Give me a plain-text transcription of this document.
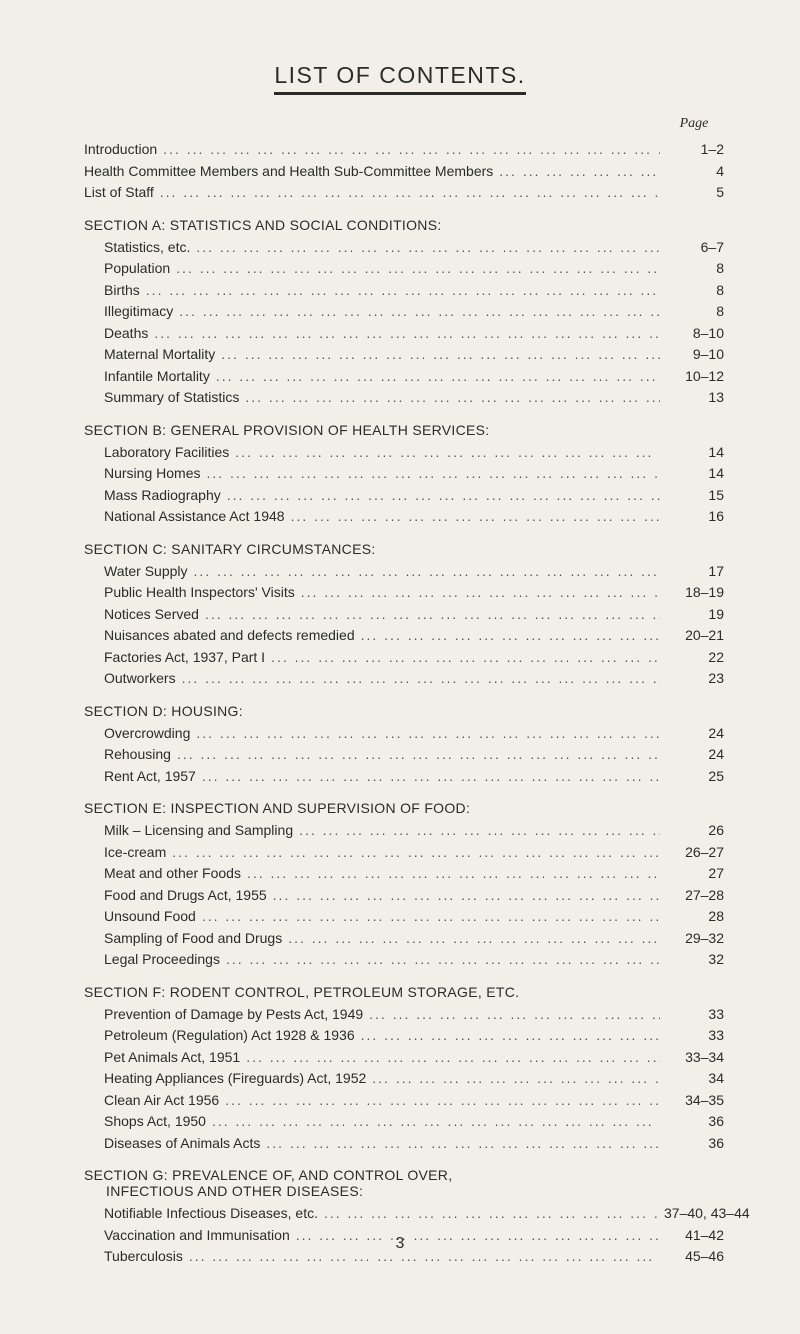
LIST OF CONTENTS.
Page
Introduction ... .	1–2
Health Committee Members and Health Sub-Committee Members ... .	4
List of Staff ... .	5
SECTION A: STATISTICS AND SOCIAL CONDITIONS:
Statistics, etc. ... .	6–7
Population ... .	8
Births ... .	8
Illegitimacy ... .	8
Deaths ... .	8–10
Maternal Mortality ... .	9–10
Infantile Mortality ... .	10–12
Summary of Statistics ... .	13
SECTION B: GENERAL PROVISION OF HEALTH SERVICES:
Laboratory Facilities ... .	14
Nursing Homes ... .	14
Mass Radiography ... .	15
National Assistance Act 1948 ... .	16
SECTION C: SANITARY CIRCUMSTANCES:
Water Supply ... .	17
Public Health Inspectors' Visits ... .	18–19
Notices Served ... .	19
Nuisances abated and defects remedied ... .	20–21
Factories Act, 1937, Part I ... .	22
Outworkers ... .	23
SECTION D: HOUSING:
Overcrowding ... .	24
Rehousing ... .	24
Rent Act, 1957 ... .	25
SECTION E: INSPECTION AND SUPERVISION OF FOOD:
Milk – Licensing and Sampling ... .	26
Ice-cream ... .	26–27
Meat and other Foods ... .	27
Food and Drugs Act, 1955 ... .	27–28
Unsound Food ... .	28
Sampling of Food and Drugs ... .	29–32
Legal Proceedings ... .	32
SECTION F: RODENT CONTROL, PETROLEUM STORAGE, ETC.
Prevention of Damage by Pests Act, 1949 ... .	33
Petroleum (Regulation) Act 1928 & 1936 ... .	33
Pet Animals Act, 1951 ... .	33–34
Heating Appliances (Fireguards) Act, 1952 ... .	34
Clean Air Act 1956 ... .	34–35
Shops Act, 1950 ... .	36
Diseases of Animals Acts ... .	36
SECTION G: PREVALENCE OF, AND CONTROL OVER,
INFECTIOUS AND OTHER DISEASES:
Notifiable Infectious Diseases, etc. ... .	37–40, 43–44
Vaccination and Immunisation ... .	41–42
Tuberculosis ... .	45–46
3
